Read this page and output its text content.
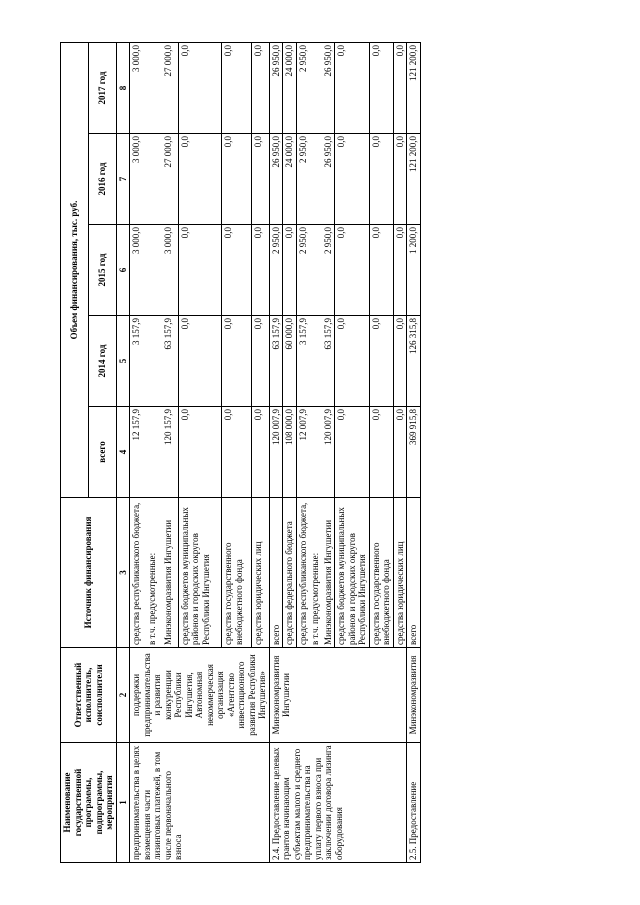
Наименование государственной программы, подпрограммы, мероприятия	Ответственный исполнитель, соисполнители	Источник финансирования	Объем финансирования, тыс. руб.				
			всего	2014 год	2015 год	2016 год	2017 год
1	2	3	4	5	6	7	8
предпринимательства в целях возмещения части лизинговых платежей, в том числе первоначального взноса	поддержки предпринимательства и развития конкуренции Республики Ингушетия, Автономная некоммерческая организация «Агентство инвестиционного развития Республики Ингушетия»	средства республиканского бюджета,	12 157,9	3 157,9	3 000,0	3 000,0	3 000,0
		в т.ч. предусмотренные:					
		Минэкономразвития Ингушетии	120 157,9	63 157,9	3 000,0	27 000,0	27 000,0
		средства бюджетов муниципальных районов и городских округов Республики Ингушетия	0,0	0,0	0,0	0,0	0,0
		средства государственного внебюджетного фонда	0,0	0,0	0,0	0,0	0,0
		средства юридических лиц	0,0	0,0	0,0	0,0	0,0
2.4. Предоставление целевых грантов начинающим субъектам малого и среднего предпринимательства на уплату первого взноса при заключении договора лизинга оборудования	Минэкономразвития Ингушетии	всего	120 007,9	63 157,9	2 950,0	26 950,0	26 950,0
		средства федерального бюджета	108 000,0	60 000,0	0,0	24 000,0	24 000,0
		средства республиканского бюджета,	12 007,9	3 157,9	2 950,0	2 950,0	2 950,0
		в т.ч. предусмотренные:					
		Минэкономразвития Ингушетии	120 007,9	63 157,9	2 950,0	26 950,0	26 950,0
		средства бюджетов муниципальных районов и городских округов Республики Ингушетия	0,0	0,0	0,0	0,0	0,0
		средства государственного внебюджетного фонда	0,0	0,0	0,0	0,0	0,0
		средства юридических лиц	0,0	0,0	0,0	0,0	0,0
2.5. Предоставление	Минэкономразвития	всего	369 915,8	126 315,8	1 200,0	121 200,0	121 200,0
